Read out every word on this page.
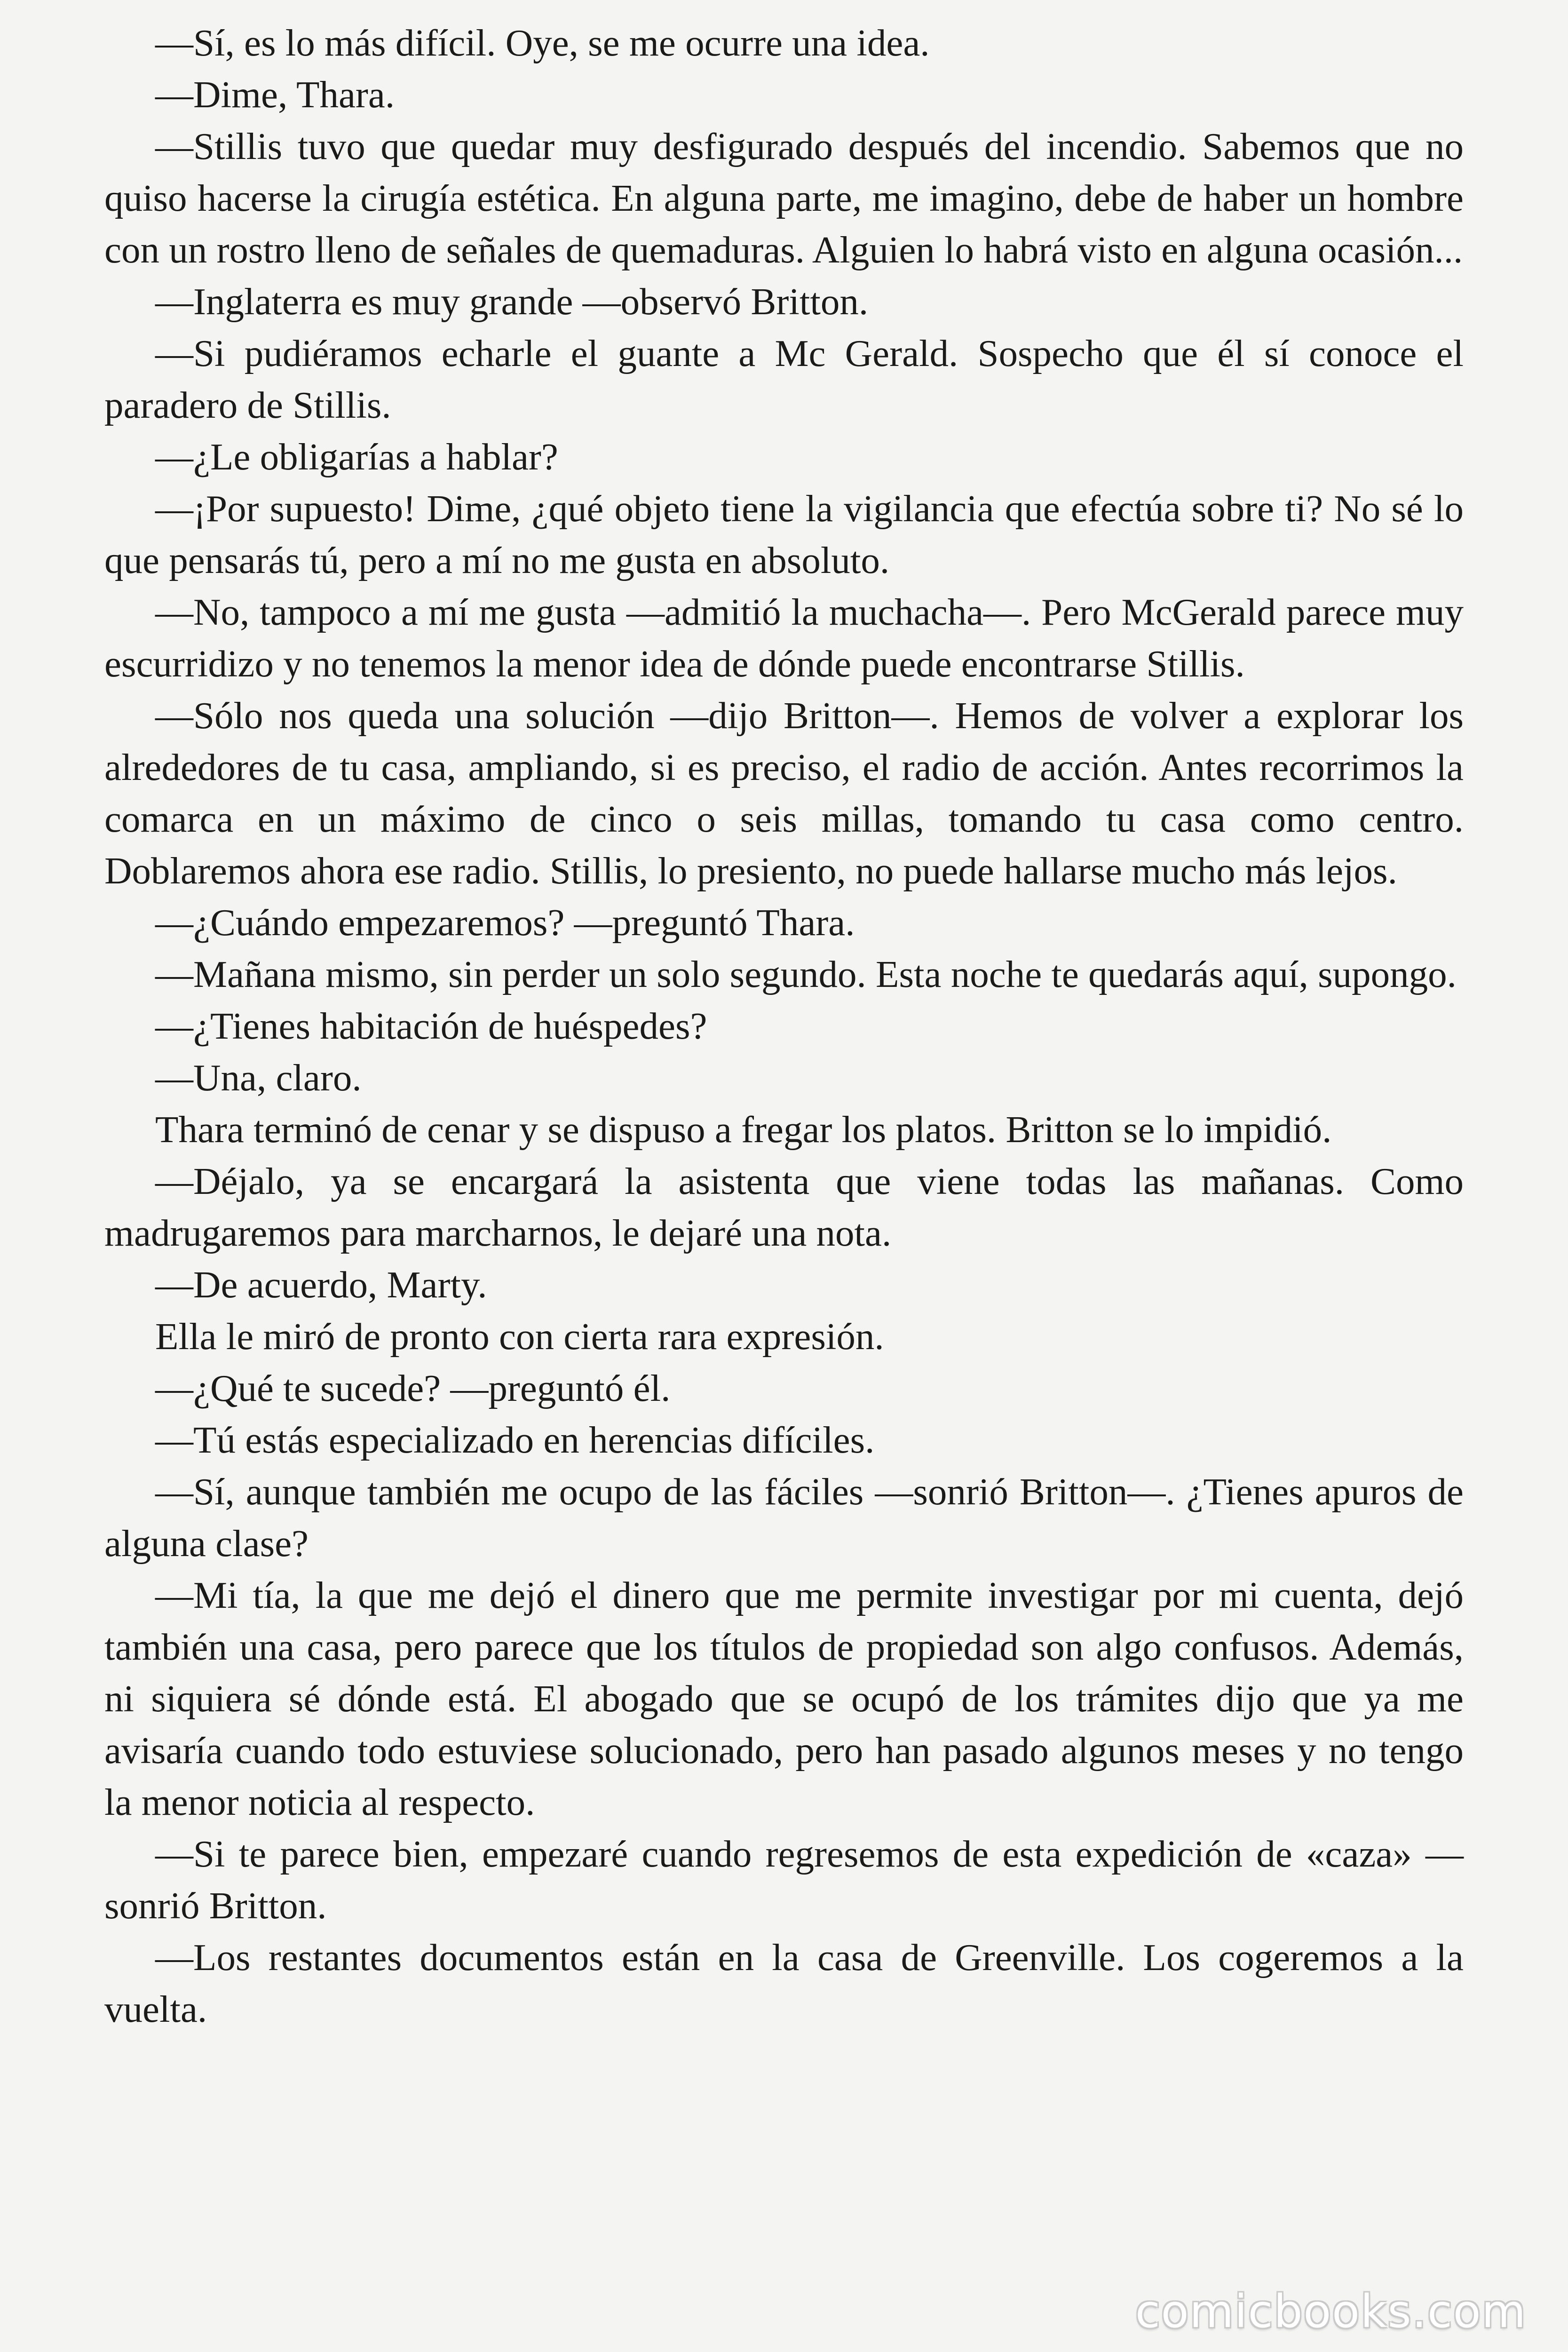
—Sí, es lo más difícil. Oye, se me ocurre una idea.

—Dime, Thara.

—Stillis tuvo que quedar muy desfigurado después del incendio. Sabemos que no quiso hacerse la cirugía estética. En alguna parte, me imagino, debe de haber un hombre con un rostro lleno de señales de quemaduras. Alguien lo habrá visto en alguna ocasión...

—Inglaterra es muy grande —observó Britton.

—Si pudiéramos echarle el guante a Mc Gerald. Sospecho que él sí conoce el paradero de Stillis.

—¿Le obligarías a hablar?

—¡Por supuesto! Dime, ¿qué objeto tiene la vigilancia que efectúa sobre ti? No sé lo que pensarás tú, pero a mí no me gusta en absoluto.

—No, tampoco a mí me gusta —admitió la muchacha—. Pero McGerald parece muy escurridizo y no tenemos la menor idea de dónde puede encontrarse Stillis.

—Sólo nos queda una solución —dijo Britton—. Hemos de volver a explorar los alrededores de tu casa, ampliando, si es preciso, el radio de acción. Antes recorrimos la comarca en un máximo de cinco o seis millas, tomando tu casa como centro. Doblaremos ahora ese radio. Stillis, lo presiento, no puede hallarse mucho más lejos.

—¿Cuándo empezaremos? —preguntó Thara.

—Mañana mismo, sin perder un solo segundo. Esta noche te quedarás aquí, supongo.

—¿Tienes habitación de huéspedes?

—Una, claro.

Thara terminó de cenar y se dispuso a fregar los platos. Britton se lo impidió.

—Déjalo, ya se encargará la asistenta que viene todas las mañanas. Como madrugaremos para marcharnos, le dejaré una nota.

—De acuerdo, Marty.

Ella le miró de pronto con cierta rara expresión.

—¿Qué te sucede? —preguntó él.

—Tú estás especializado en herencias difíciles.

—Sí, aunque también me ocupo de las fáciles —sonrió Britton—. ¿Tienes apuros de alguna clase?

—Mi tía, la que me dejó el dinero que me permite investigar por mi cuenta, dejó también una casa, pero parece que los títulos de propiedad son algo confusos. Además, ni siquiera sé dónde está. El abogado que se ocupó de los trámites dijo que ya me avisaría cuando todo estuviese solucionado, pero han pasado algunos meses y no tengo la menor noticia al respecto.

—Si te parece bien, empezaré cuando regresemos de esta expedición de «caza» —sonrió Britton.

—Los restantes documentos están en la casa de Greenville. Los cogeremos a la vuelta.

comicbooks.com
